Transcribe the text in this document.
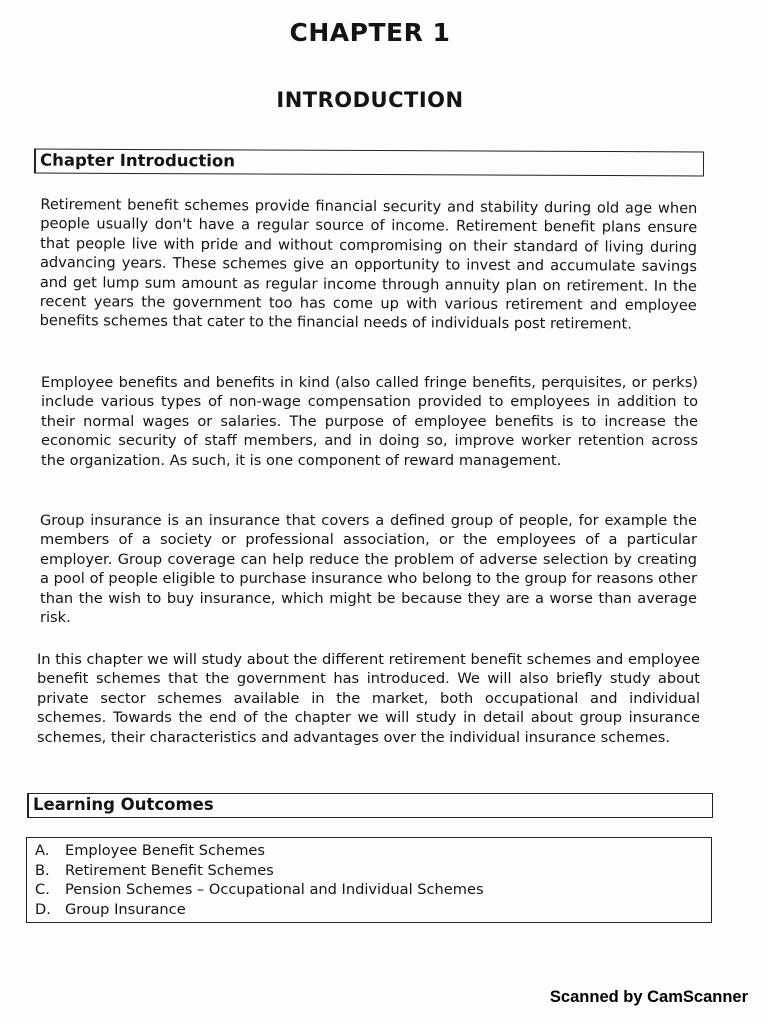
CHAPTER 1
INTRODUCTION
Chapter Introduction

Retirement benefit schemes provide financial security and stability during old age when people usually don't have a regular source of income. Retirement benefit plans ensure that people live with pride and without compromising on their standard of living during advancing years. These schemes give an opportunity to invest and accumulate savings and get lump sum amount as regular income through annuity plan on retirement. In the recent years the government too has come up with various retirement and employee benefits schemes that cater to the financial needs of individuals post retirement.

Employee benefits and benefits in kind (also called fringe benefits, perquisites, or perks) include various types of non-wage compensation provided to employees in addition to their normal wages or salaries. The purpose of employee benefits is to increase the economic security of staff members, and in doing so, improve worker retention across the organization. As such, it is one component of reward management.

Group insurance is an insurance that covers a defined group of people, for example the members of a society or professional association, or the employees of a particular employer. Group coverage can help reduce the problem of adverse selection by creating a pool of people eligible to purchase insurance who belong to the group for reasons other than the wish to buy insurance, which might be because they are a worse than average risk.

In this chapter we will study about the different retirement benefit schemes and employee benefit schemes that the government has introduced. We will also briefly study about private sector schemes available in the market, both occupational and individual schemes. Towards the end of the chapter we will study in detail about group insurance schemes, their characteristics and advantages over the individual insurance schemes.

Learning Outcomes
A.	Employee Benefit Schemes
B.	Retirement Benefit Schemes
C.	Pension Schemes – Occupational and Individual Schemes
D. Group Insurance
Scanned by CamScanner
